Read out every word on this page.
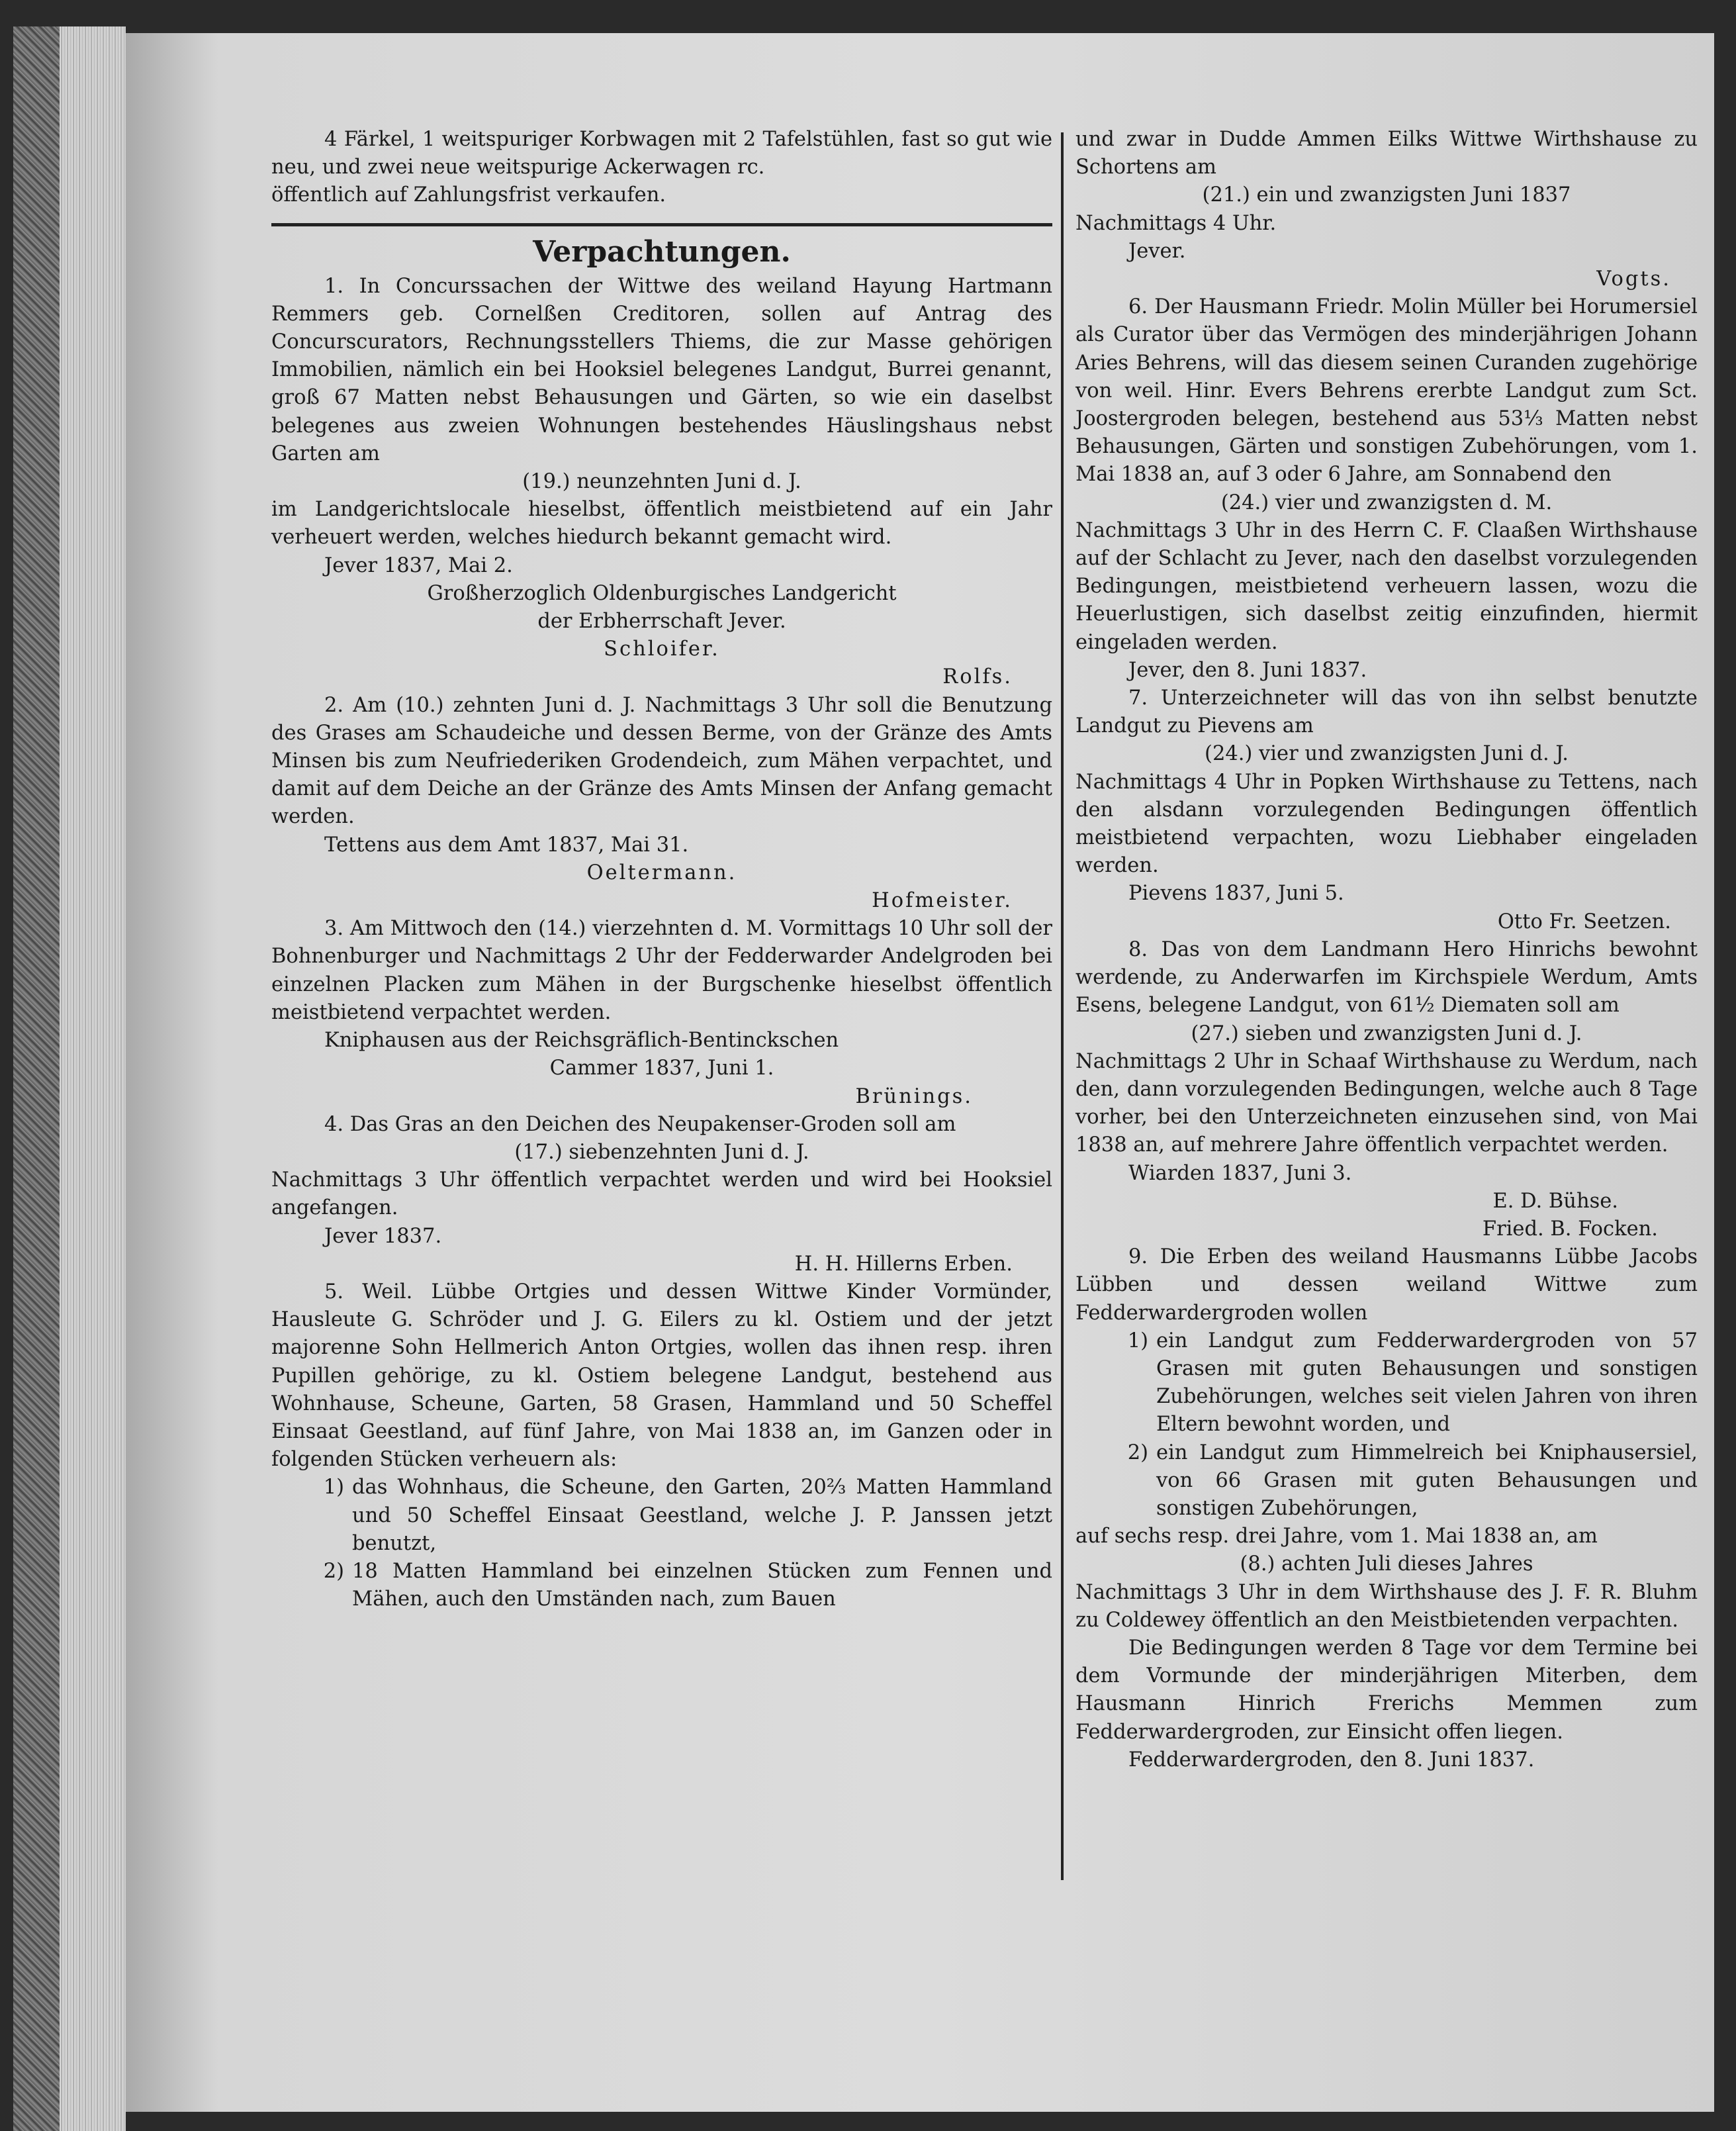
4 Färkel, 1 weitspuriger Korbwagen mit 2 Tafelstühlen, fast so gut wie neu, und zwei neue weitspurige Ackerwagen rc.

öffentlich auf Zahlungsfrist verkaufen.

Verpachtungen.

1. In Concurssachen der Wittwe des weiland Hayung Hartmann Remmers geb. Cornelßen Creditoren, sollen auf Antrag des Concurscurators, Rechnungsstellers Thiems, die zur Masse gehörigen Immobilien, nämlich ein bei Hooksiel belegenes Landgut, Burrei genannt, groß 67 Matten nebst Behausungen und Gärten, so wie ein daselbst belegenes aus zweien Wohnungen bestehendes Häuslingshaus nebst Garten am

(19.) neunzehnten Juni d. J.

im Landgerichtslocale hieselbst, öffentlich meistbietend auf ein Jahr verheuert werden, welches hiedurch bekannt gemacht wird.

Jever 1837, Mai 2.

Großherzoglich Oldenburgisches Landgericht

der Erbherrschaft Jever.

Schloifer.

Rolfs.

2. Am (10.) zehnten Juni d. J. Nachmittags 3 Uhr soll die Benutzung des Grases am Schaudeiche und dessen Berme, von der Gränze des Amts Minsen bis zum Neufriederiken Grodendeich, zum Mähen verpachtet, und damit auf dem Deiche an der Gränze des Amts Minsen der Anfang gemacht werden.

Tettens aus dem Amt 1837, Mai 31.

Oeltermann.

Hofmeister.

3. Am Mittwoch den (14.) vierzehnten d. M. Vormittags 10 Uhr soll der Bohnenburger und Nachmittags 2 Uhr der Fedderwarder Andelgroden bei einzelnen Placken zum Mähen in der Burgschenke hieselbst öffentlich meistbietend verpachtet werden.

Kniphausen aus der Reichsgräflich-Bentinckschen

Cammer 1837, Juni 1.

Brünings.

4. Das Gras an den Deichen des Neupakenser-Groden soll am

(17.) siebenzehnten Juni d. J.

Nachmittags 3 Uhr öffentlich verpachtet werden und wird bei Hooksiel angefangen.

Jever 1837.

H. H. Hillerns Erben.

5. Weil. Lübbe Ortgies und dessen Wittwe Kinder Vormünder, Hausleute G. Schröder und J. G. Eilers zu kl. Ostiem und der jetzt majorenne Sohn Hellmerich Anton Ortgies, wollen das ihnen resp. ihren Pupillen gehörige, zu kl. Ostiem belegene Landgut, bestehend aus Wohnhause, Scheune, Garten, 58 Grasen, Hammland und 50 Scheffel Einsaat Geestland, auf fünf Jahre, von Mai 1838 an, im Ganzen oder in folgenden Stücken verheuern als:

1) das Wohnhaus, die Scheune, den Garten, 20⅔ Matten Hammland und 50 Scheffel Einsaat Geestland, welche J. P. Janssen jetzt benutzt,
2) 18 Matten Hammland bei einzelnen Stücken zum Fennen und Mähen, auch den Umständen nach, zum Bauen

und zwar in Dudde Ammen Eilks Wittwe Wirthshause zu Schortens am

(21.) ein und zwanzigsten Juni 1837

Nachmittags 4 Uhr.

Jever.

Vogts.

6. Der Hausmann Friedr. Molin Müller bei Horumersiel als Curator über das Vermögen des minderjährigen Johann Aries Behrens, will das diesem seinen Curanden zugehörige von weil. Hinr. Evers Behrens ererbte Landgut zum Sct. Joostergroden belegen, bestehend aus 53⅓ Matten nebst Behausungen, Gärten und sonstigen Zubehörungen, vom 1. Mai 1838 an, auf 3 oder 6 Jahre, am Sonnabend den

(24.) vier und zwanzigsten d. M.

Nachmittags 3 Uhr in des Herrn C. F. Claaßen Wirthshause auf der Schlacht zu Jever, nach den daselbst vorzulegenden Bedingungen, meistbietend verheuern lassen, wozu die Heuerlustigen, sich daselbst zeitig einzufinden, hiermit eingeladen werden.

Jever, den 8. Juni 1837.

7. Unterzeichneter will das von ihn selbst benutzte Landgut zu Pievens am

(24.) vier und zwanzigsten Juni d. J.

Nachmittags 4 Uhr in Popken Wirthshause zu Tettens, nach den alsdann vorzulegenden Bedingungen öffentlich meistbietend verpachten, wozu Liebhaber eingeladen werden.

Pievens 1837, Juni 5.

Otto Fr. Seetzen.

8. Das von dem Landmann Hero Hinrichs bewohnt werdende, zu Anderwarfen im Kirchspiele Werdum, Amts Esens, belegene Landgut, von 61½ Diematen soll am

(27.) sieben und zwanzigsten Juni d. J.

Nachmittags 2 Uhr in Schaaf Wirthshause zu Werdum, nach den, dann vorzulegenden Bedingungen, welche auch 8 Tage vorher, bei den Unterzeichneten einzusehen sind, von Mai 1838 an, auf mehrere Jahre öffentlich verpachtet werden.

Wiarden 1837, Juni 3.

E. D. Bühse.

Fried. B. Focken.

9. Die Erben des weiland Hausmanns Lübbe Jacobs Lübben und dessen weiland Wittwe zum Fedderwardergroden wollen

1) ein Landgut zum Fedderwardergroden von 57 Grasen mit guten Behausungen und sonstigen Zubehörungen, welches seit vielen Jahren von ihren Eltern bewohnt worden, und
2) ein Landgut zum Himmelreich bei Kniphausersiel, von 66 Grasen mit guten Behausungen und sonstigen Zubehörungen,

auf sechs resp. drei Jahre, vom 1. Mai 1838 an, am

(8.) achten Juli dieses Jahres

Nachmittags 3 Uhr in dem Wirthshause des J. F. R. Bluhm zu Coldewey öffentlich an den Meistbietenden verpachten.

Die Bedingungen werden 8 Tage vor dem Termine bei dem Vormunde der minderjährigen Miterben, dem Hausmann Hinrich Frerichs Memmen zum Fedderwardergroden, zur Einsicht offen liegen.

Fedderwardergroden, den 8. Juni 1837.
